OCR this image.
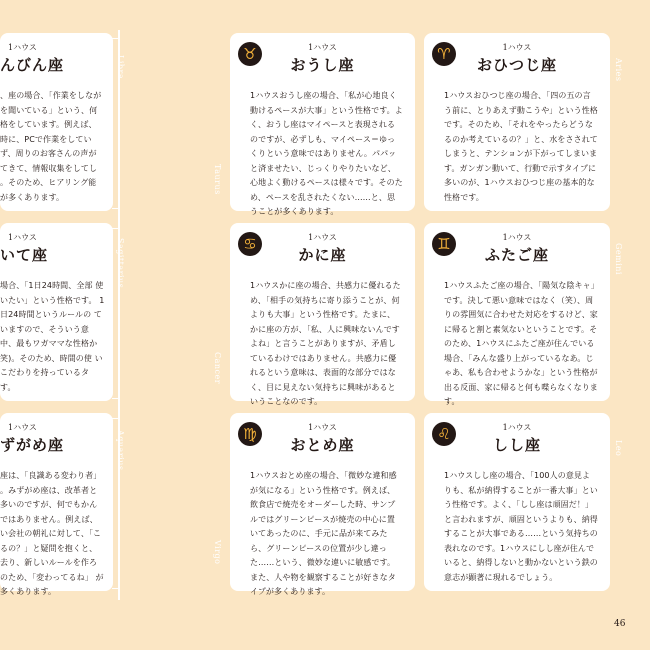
Libra
Sagittarius
Aquarius
Taurus
Cancer
Virgo
Aries
Gemini
Leo
1ハウス
んびん座
、座の場合、「作業をしなが を聞いている」という、何 格をしています。例えば、 時に、PCで作業をしてい ず、周りのお客さんの声が てきて、情報収集をしてし 。そのため、ヒアリング能 が多くあります。
♉	1ハウス
おうし座
1ハウスおうし座の場合、「私が心地良く動けるペースが大事」という性格です。よく、おうし座はマイペースと表現されるのですが、必ずしも、マイペース＝ゆっくりという意味ではありません。パパッと済ませたい、じっくりやりたいなど、心地よく動けるペースは様々です。そのため、ペースを乱されたくない……と、思うことが多くあります。
♈	1ハウス
おひつじ座
1ハウスおひつじ座の場合、「四の五の言う前に、とりあえず動こうや」という性格です。そのため、「それをやったらどうなるのか考えているの？」と、水をさされてしまうと、テンションが下がってしまいます。ガンガン動いて、行動で示すタイプに多いのが、1ハウスおひつじ座の基本的な性格です。
1ハウス
いて座
場合、「1日24時間、全部 使いたい」という性格です。 1日24時間というルールの ていますので、そういう意 中、最もワガママな性格か 笑)。そのため、時間の使 いこだわりを持っているタ す。
♋	1ハウス
かに座
1ハウスかに座の場合、共感力に優れるため、「相手の気持ちに寄り添うことが、何よりも大事」という性格です。たまに、かに座の方が、「私、人に興味ないんですよね」と言うことがありますが、矛盾しているわけではありません。共感力に優れるという意味は、表面的な部分ではなく、目に見えない気持ちに興味があるということなのです。
♊	1ハウス
ふたご座
1ハウスふたご座の場合、「陽気な陰キャ」です。決して悪い意味ではなく（笑）、周りの雰囲気に合わせた対応をするけど、家に帰ると割と素気ないということです。そのため、1ハウスにふたご座が住んでいる場合、「みんな盛り上がっているなあ。じゃあ、私も合わせようかな」という性格が出る反面、家に帰ると何も喋らなくなります。
1ハウス
ずがめ座
座は、「良識ある変わり者」 。みずがめ座は、改革者と 多いのですが、何でもかん ではありません。例えば、 い会社の朝礼に対して、「こ るの？」と疑問を抱くと、 去り、新しいルールを作ろ のため、「変わってるね」 が多くあります。
♍	1ハウス
おとめ座
1ハウスおとめ座の場合、「微妙な違和感が気になる」という性格です。例えば、飲食店で焼売をオーダーした時、サンプルではグリーンピースが焼売の中心に置いてあったのに、手元に品が来てみたら、グリーンピースの位置が少し違った……という、微妙な違いに敏感です。また、人や物を観察することが好きなタイプが多くあります。
♌	1ハウス
しし座
1ハウスしし座の場合、「100人の意見よりも、私が納得することが一番大事」という性格です。よく、「しし座は頑固だ！」と言われますが、頑固というよりも、納得することが大事である……という気持ちの表れなのです。1ハウスにしし座が住んでいると、納得しないと動かないという鉄の意志が顕著に現れるでしょう。
46
